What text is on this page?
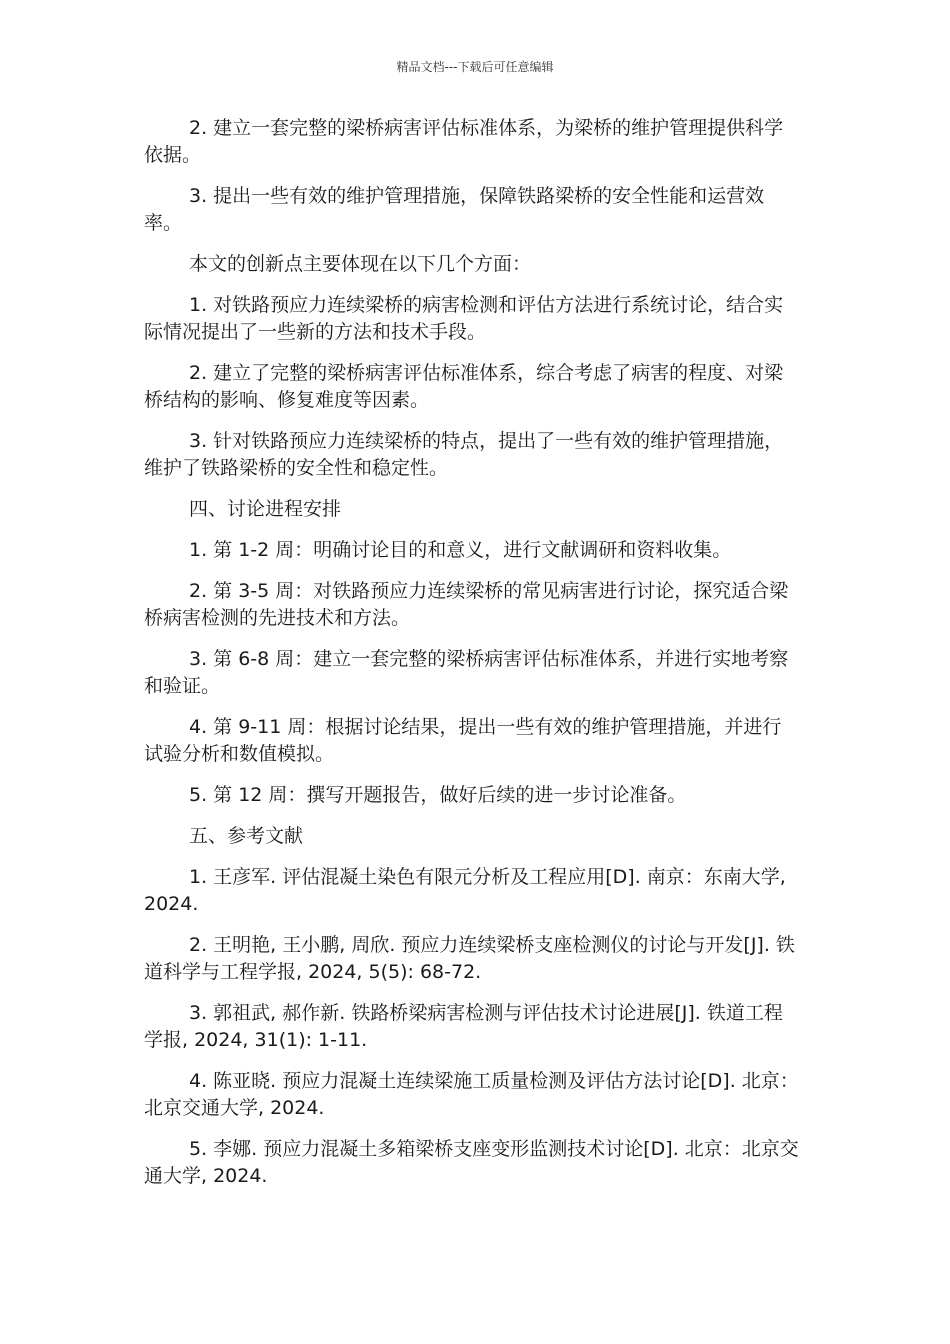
精品文档---下载后可任意编辑

2. 建立一套完整的梁桥病害评估标准体系，为梁桥的维护管理提供科学依据。

3. 提出一些有效的维护管理措施，保障铁路梁桥的安全性能和运营效率。

本文的创新点主要体现在以下几个方面：

1. 对铁路预应力连续梁桥的病害检测和评估方法进行系统讨论，结合实际情况提出了一些新的方法和技术手段。

2. 建立了完整的梁桥病害评估标准体系，综合考虑了病害的程度、对梁桥结构的影响、修复难度等因素。

3. 针对铁路预应力连续梁桥的特点，提出了一些有效的维护管理措施，维护了铁路梁桥的安全性和稳定性。

四、讨论进程安排

1. 第 1-2 周：明确讨论目的和意义，进行文献调研和资料收集。

2. 第 3-5 周：对铁路预应力连续梁桥的常见病害进行讨论，探究适合梁桥病害检测的先进技术和方法。

3. 第 6-8 周：建立一套完整的梁桥病害评估标准体系，并进行实地考察和验证。

4. 第 9-11 周：根据讨论结果，提出一些有效的维护管理措施，并进行试验分析和数值模拟。

5. 第 12 周：撰写开题报告，做好后续的进一步讨论准备。

五、参考文献

1. 王彦军. 评估混凝土染色有限元分析及工程应用[D]. 南京：东南大学, 2024.

2. 王明艳, 王小鹏, 周欣. 预应力连续梁桥支座检测仪的讨论与开发[J]. 铁道科学与工程学报, 2024, 5(5): 68-72.

3. 郭祖武, 郝作新. 铁路桥梁病害检测与评估技术讨论进展[J]. 铁道工程学报, 2024, 31(1): 1-11.

4. 陈亚晓. 预应力混凝土连续梁施工质量检测及评估方法讨论[D]. 北京：北京交通大学, 2024.

5. 李娜. 预应力混凝土多箱梁桥支座变形监测技术讨论[D]. 北京：北京交通大学, 2024.
